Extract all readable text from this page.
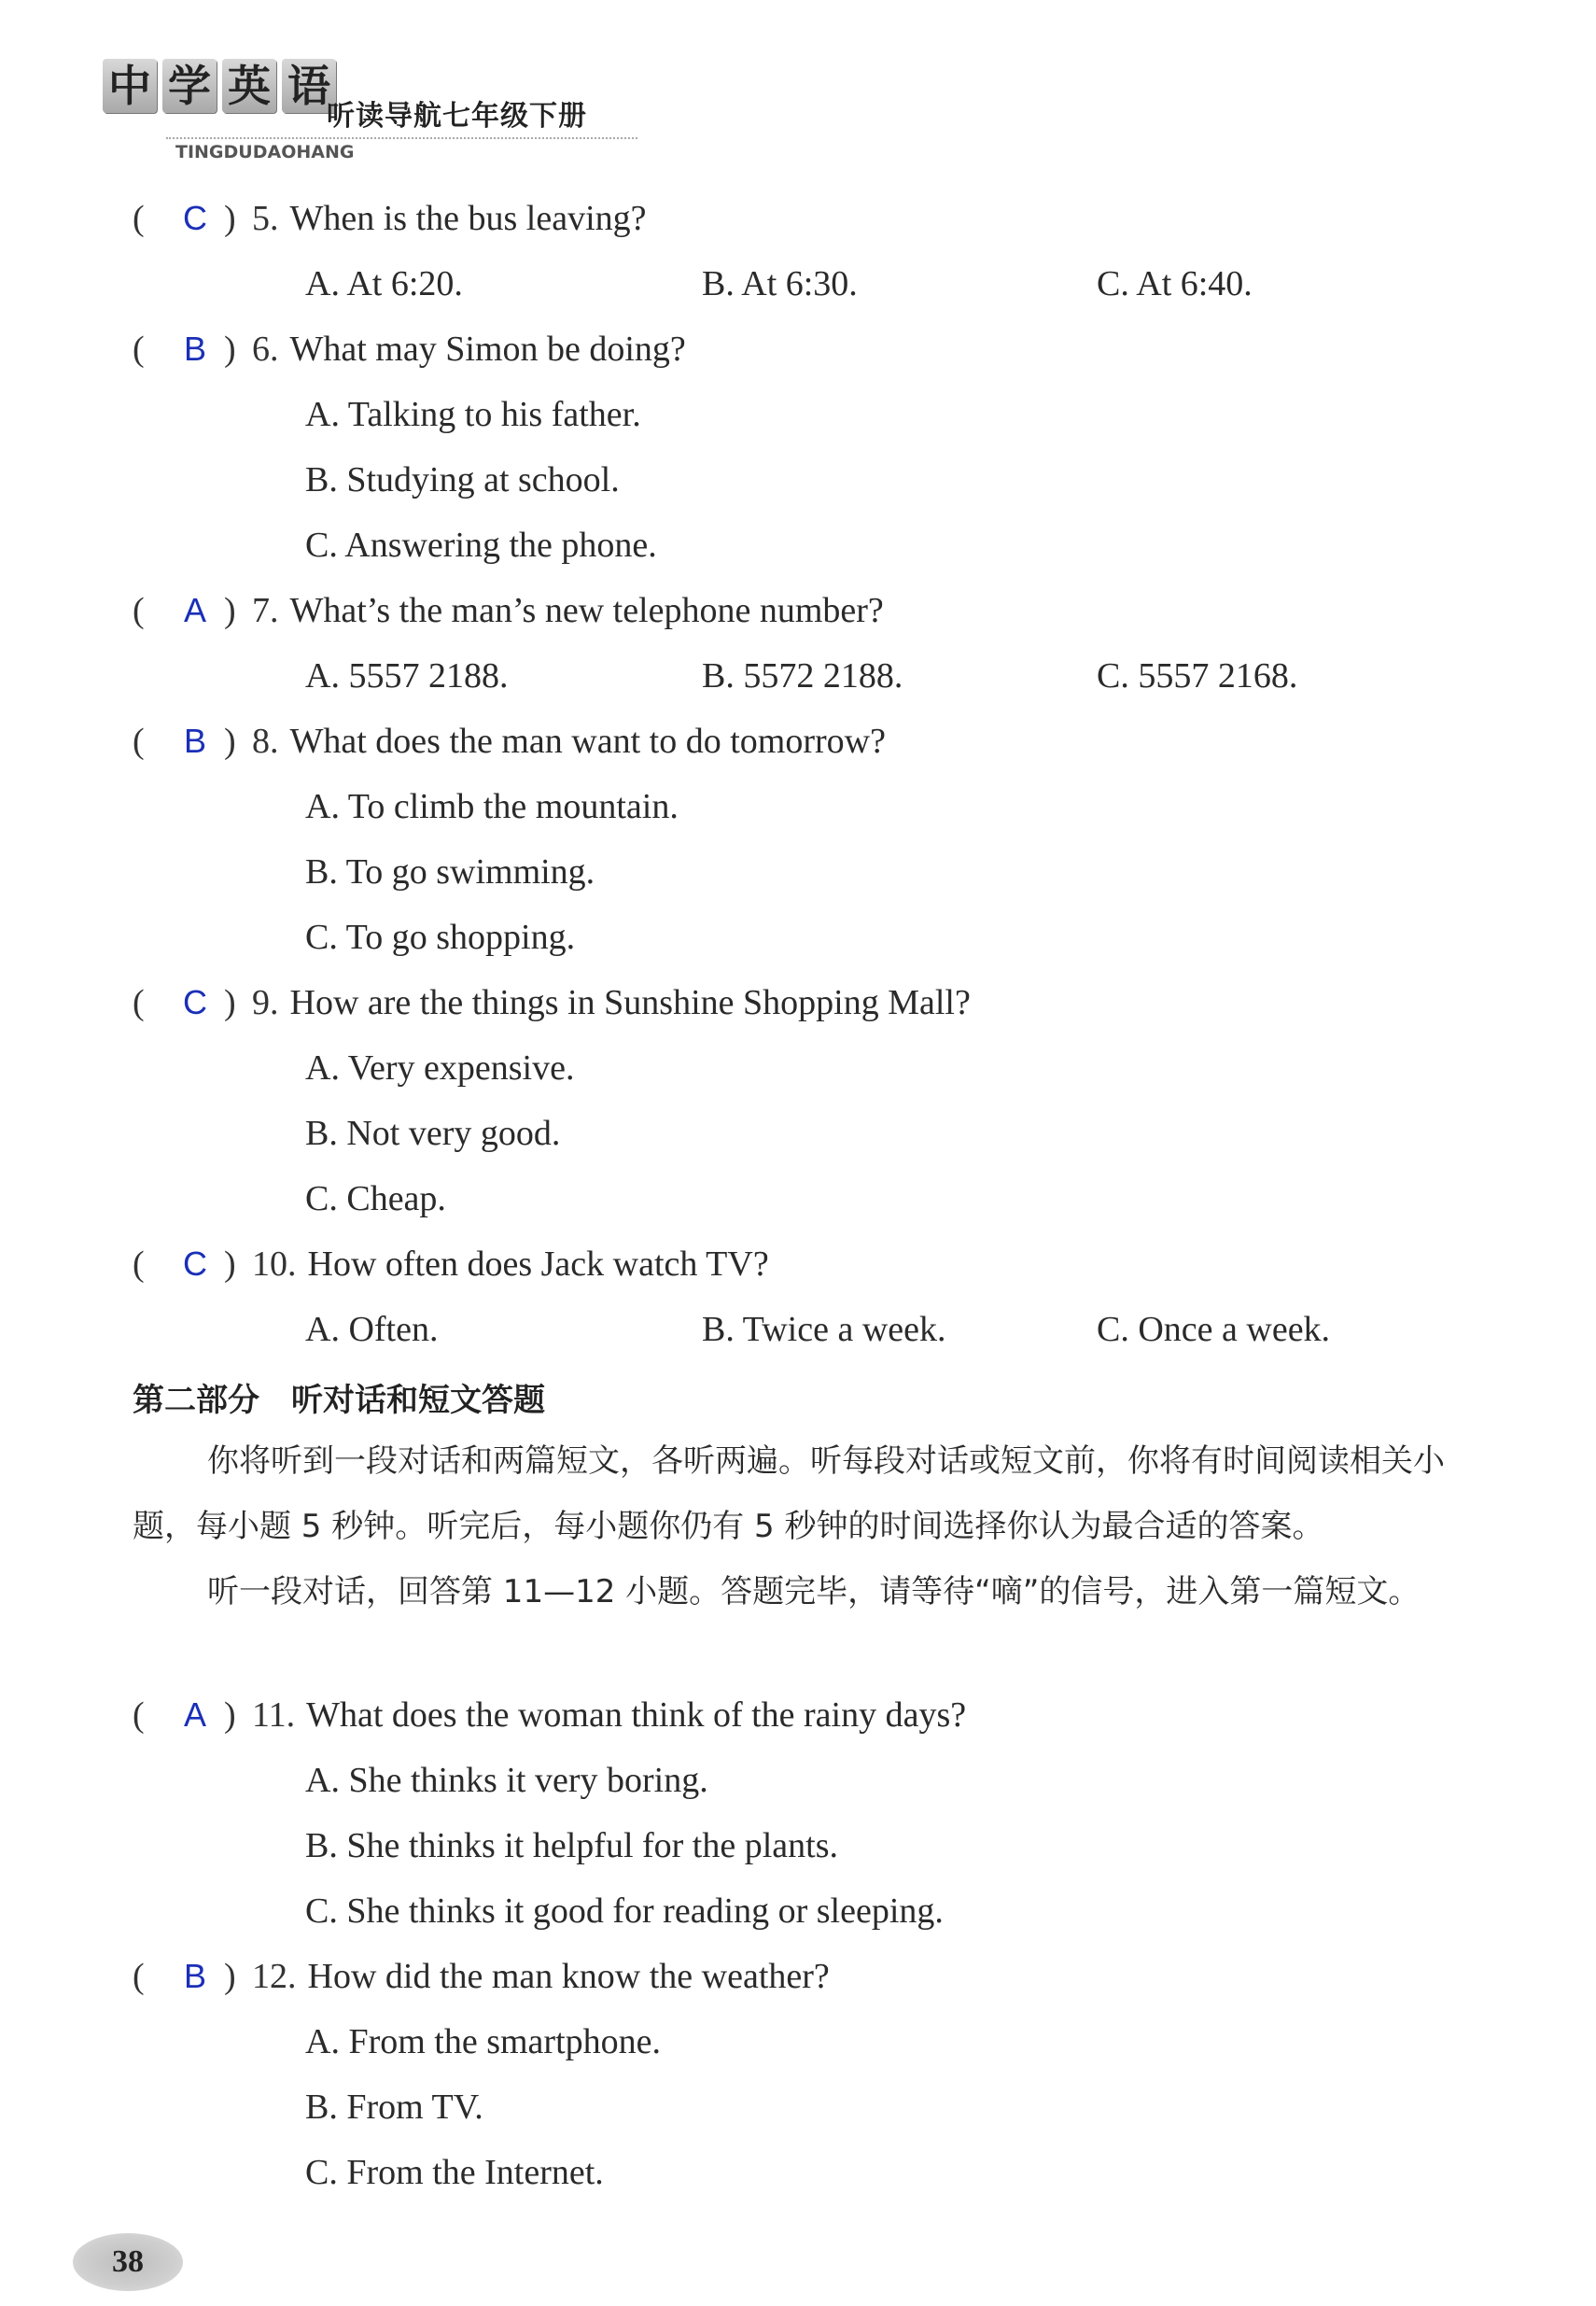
中 学 英 语
听读导航七年级下册
TINGDUDAOHANG
( C ) 5. When is the bus leaving?
A. At 6:20.	B. At 6:30.	C. At 6:40.
( B ) 6. What may Simon be doing?
A. Talking to his father.
B. Studying at school.
C. Answering the phone.
( A ) 7. What’s the man’s new telephone number?
A. 5557 2188.	B. 5572 2188.	C. 5557 2168.
( B ) 8. What does the man want to do tomorrow?
A. To climb the mountain.
B. To go swimming.
C. To go shopping.
( C ) 9. How are the things in Sunshine Shopping Mall?
A. Very expensive.
B. Not very good.
C. Cheap.
( C ) 10. How often does Jack watch TV?
A. Often.	B. Twice a week.	C. Once a week.
( A ) 11. What does the woman think of the rainy days?
A. She thinks it very boring.
B. She thinks it helpful for the plants.
C. She thinks it good for reading or sleeping.
( B ) 12. How did the man know the weather?
A. From the smartphone.
B. From TV.
C. From the Internet.
第二部分　听对话和短文答题
你将听到一段对话和两篇短文，各听两遍。听每段对话或短文前，你将有时间阅读相关小题，每小题 5 秒钟。听完后，每小题你仍有 5 秒钟的时间选择你认为最合适的答案。
听一段对话，回答第 11—12 小题。答题完毕，请等待“嘀”的信号，进入第一篇短文。
38
